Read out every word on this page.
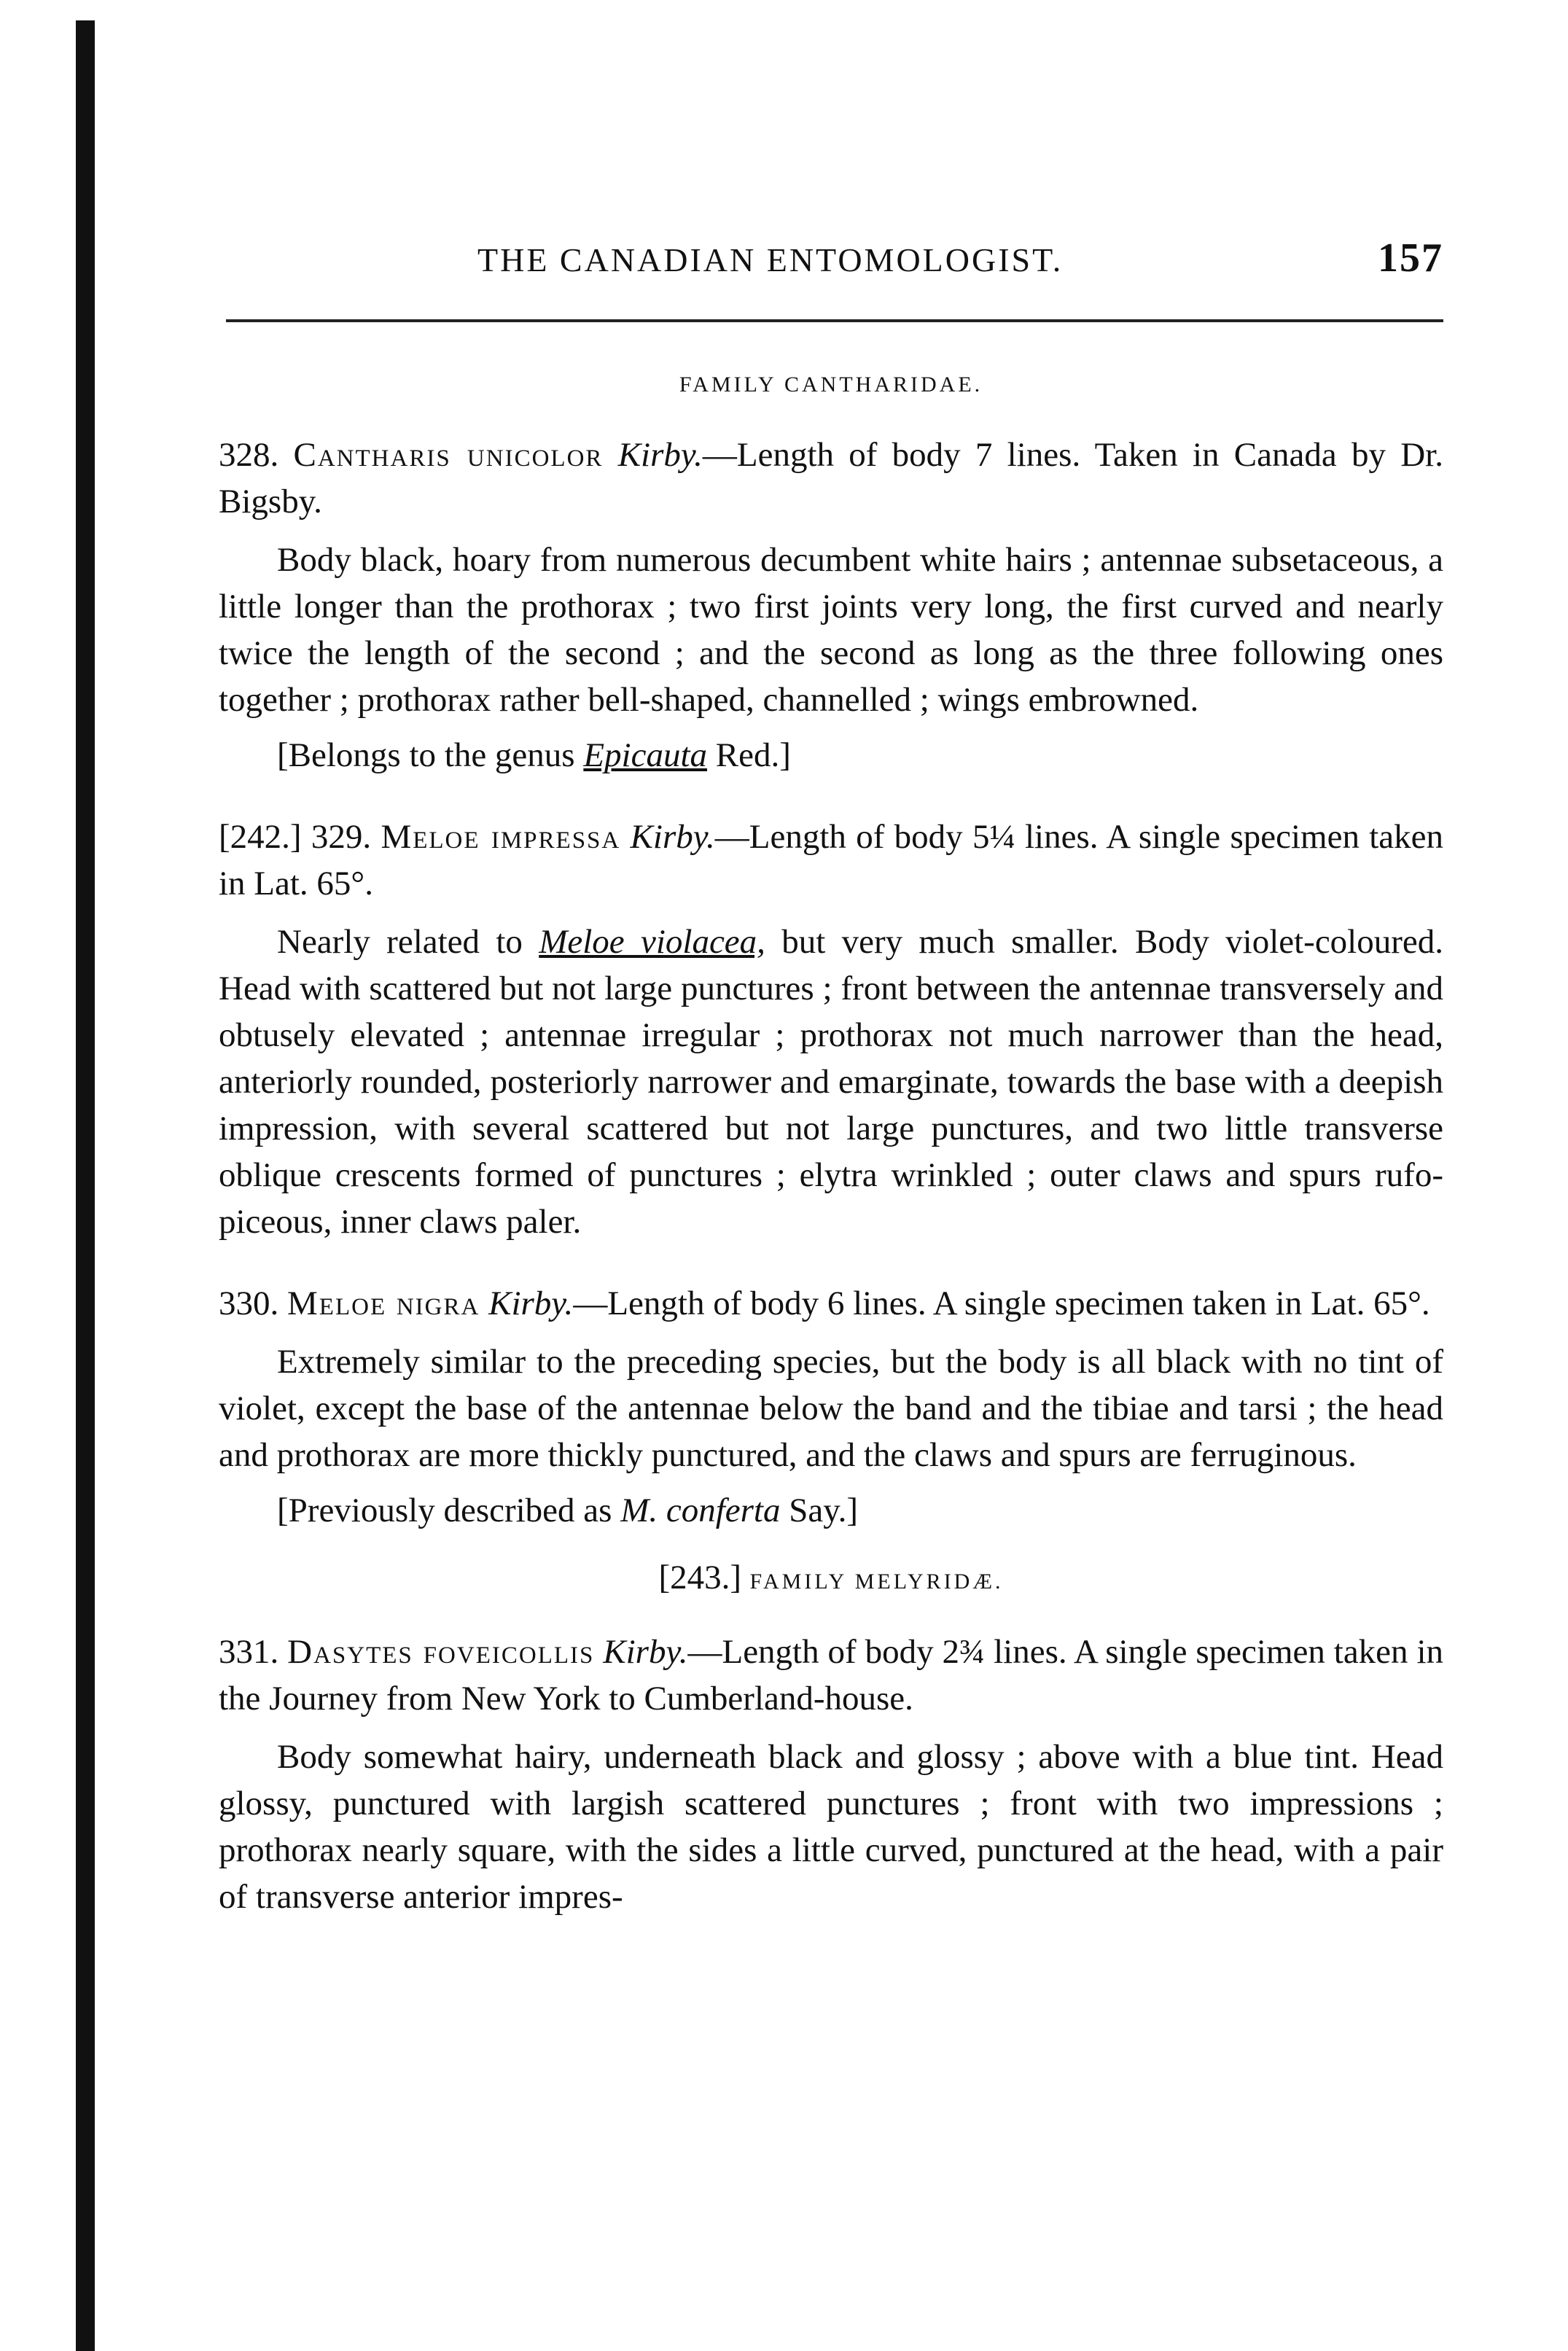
THE CANADIAN ENTOMOLOGIST.	157
FAMILY CANTHARIDAE.

328. Cantharis unicolor Kirby.—Length of body 7 lines. Taken in Canada by Dr. Bigsby.

Body black, hoary from numerous decumbent white hairs ; antennae subsetaceous, a little longer than the prothorax ; two first joints very long, the first curved and nearly twice the length of the second ; and the second as long as the three following ones together ; prothorax rather bell-shaped, channelled ; wings embrowned.

[Belongs to the genus Epicauta Red.]

[242.] 329. Meloe impressa Kirby.—Length of body 5¼ lines. A single specimen taken in Lat. 65°.

Nearly related to Meloe violacea, but very much smaller. Body violet-coloured. Head with scattered but not large punctures ; front between the antennae transversely and obtusely elevated ; antennae irregular ; prothorax not much narrower than the head, anteriorly rounded, posteriorly narrower and emarginate, towards the base with a deepish impression, with several scattered but not large punctures, and two little transverse oblique crescents formed of punctures ; elytra wrinkled ; outer claws and spurs rufo-piceous, inner claws paler.

330. Meloe nigra Kirby.—Length of body 6 lines. A single specimen taken in Lat. 65°.

Extremely similar to the preceding species, but the body is all black with no tint of violet, except the base of the antennae below the band and the tibiae and tarsi ; the head and prothorax are more thickly punctured, and the claws and spurs are ferruginous.

[Previously described as M. conferta Say.]

[243.] FAMILY MELYRIDÆ.

331. Dasytes foveicollis Kirby.—Length of body 2¾ lines. A single specimen taken in the Journey from New York to Cumberland-house.

Body somewhat hairy, underneath black and glossy ; above with a blue tint. Head glossy, punctured with largish scattered punctures ; front with two impressions ; prothorax nearly square, with the sides a little curved, punctured at the head, with a pair of transverse anterior impres-
